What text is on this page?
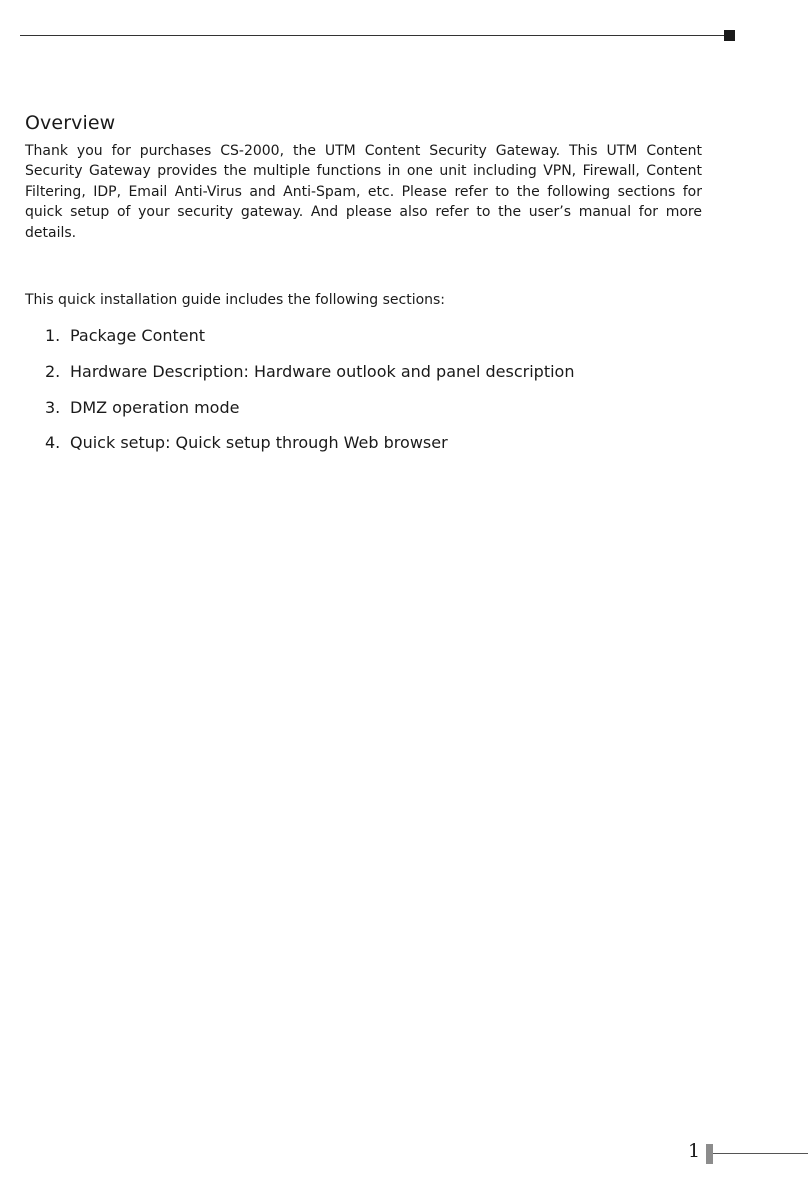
Overview

Thank you for purchases CS-2000, the UTM Content Security Gateway. This UTM Content Security Gateway provides the multiple functions in one unit including VPN, Firewall, Content Filtering, IDP, Email Anti-Virus and Anti-Spam, etc. Please refer to the following sections for quick setup of your security gateway. And please also refer to the user’s manual for more details.

This quick installation guide includes the following sections:

1. Package Content
2. Hardware Description: Hardware outlook and panel description
3. DMZ operation mode
4. Quick setup: Quick setup through Web browser
1
